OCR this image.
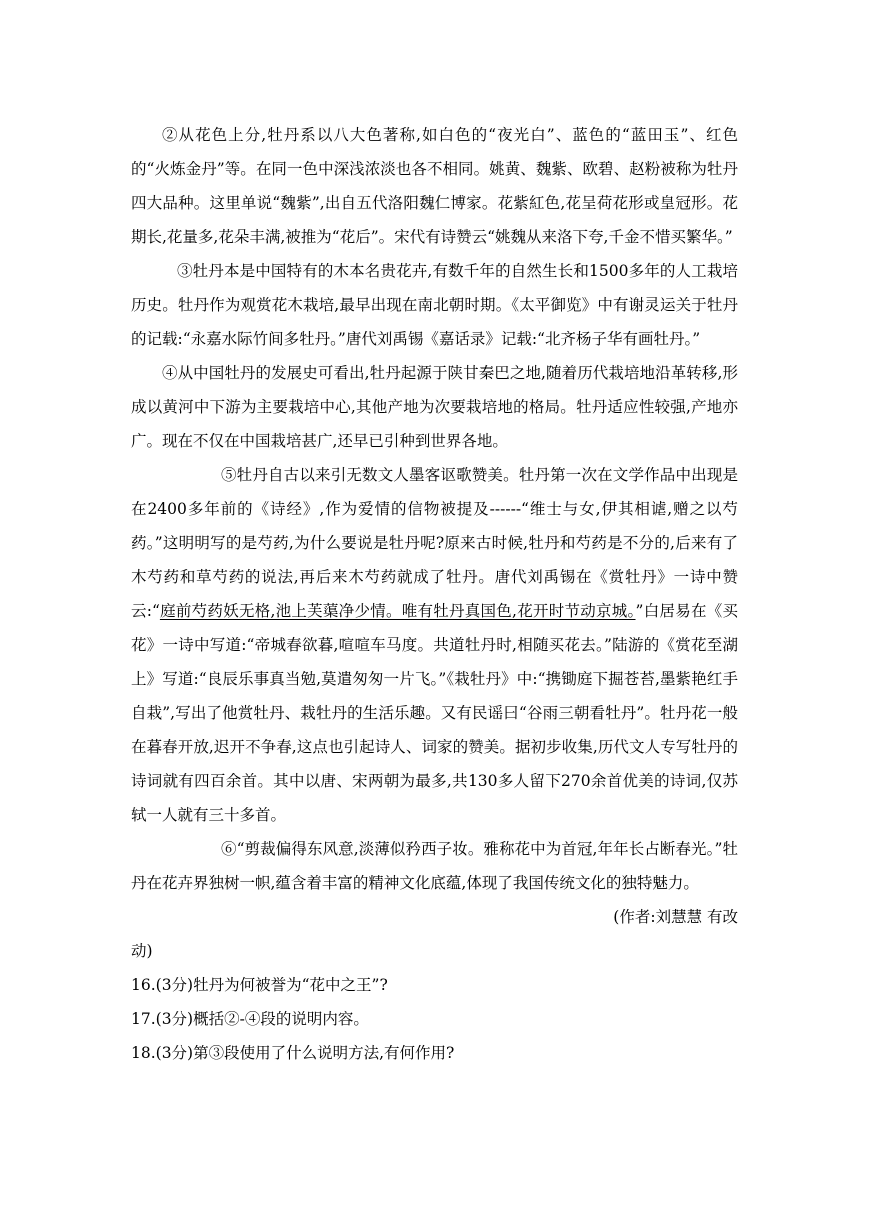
②从花色上分,牡丹系以八大色著称,如白色的“夜光白”、蓝色的“蓝田玉”、红色的“火炼金丹”等。在同一色中深浅浓淡也各不相同。姚黄、魏紫、欧碧、赵粉被称为牡丹四大品种。这里单说“魏紫”,出自五代洛阳魏仁博家。花紫紅色,花呈荷花形或皇冠形。花期长,花量多,花朵丰满,被推为“花后”。宋代有诗赞云“姚魏从来洛下夸,千金不惜买繁华。”

③牡丹本是中国特有的木本名贵花卉,有数千年的自然生长和1500多年的人工栽培历史。牡丹作为观赏花木栽培,最早出现在南北朝时期。《太平御览》中有谢灵运关于牡丹的记载:“永嘉水际竹间多牡丹。”唐代刘禹锡《嘉话录》记载:“北齐杨子华有画牡丹。”

④从中国牡丹的发展史可看出,牡丹起源于陕甘秦巴之地,随着历代栽培地沿革转移,形成以黄河中下游为主要栽培中心,其他产地为次要栽培地的格局。牡丹适应性较强,产地亦广。现在不仅在中国栽培甚广,还早已引种到世界各地。

⑤牡丹自古以来引无数文人墨客讴歌赞美。牡丹第一次在文学作品中出现是在2400多年前的《诗经》,作为爱情的信物被提及------“维士与女,伊其相谑,赠之以芍药。”这明明写的是芍药,为什么要说是牡丹呢?原来古时候,牡丹和芍药是不分的,后来有了木芍药和草芍药的说法,再后来木芍药就成了牡丹。唐代刘禹锡在《赏牡丹》一诗中赞云:“庭前芍药妖无格,池上芙蕖净少情。唯有牡丹真国色,花开时节动京城。”白居易在《买花》一诗中写道:“帝城春欲暮,喧喧车马度。共道牡丹时,相随买花去。”陆游的《赏花至湖上》写道:“良辰乐事真当勉,莫遣匆匆一片飞。”《栽牡丹》中:“携锄庭下掘苍苔,墨紫艳红手自栽”,写出了他赏牡丹、栽牡丹的生活乐趣。又有民谣曰“谷雨三朝看牡丹”。牡丹花一般在暮春开放,迟开不争春,这点也引起诗人、词家的赞美。据初步收集,历代文人专写牡丹的诗词就有四百余首。其中以唐、宋两朝为最多,共130多人留下270余首优美的诗词,仅苏轼一人就有三十多首。

⑥“剪裁偏得东风意,淡薄似矜西子妆。雅称花中为首冠,年年长占断春光。”牡丹在花卉界独树一帜,蕴含着丰富的精神文化底蕴,体现了我国传统文化的独特魅力。

(作者:刘慧慧 有改

动)

16.(3分)牡丹为何被誉为“花中之王”?

17.(3分)概括②-④段的说明内容。

18.(3分)第③段使用了什么说明方法,有何作用?
